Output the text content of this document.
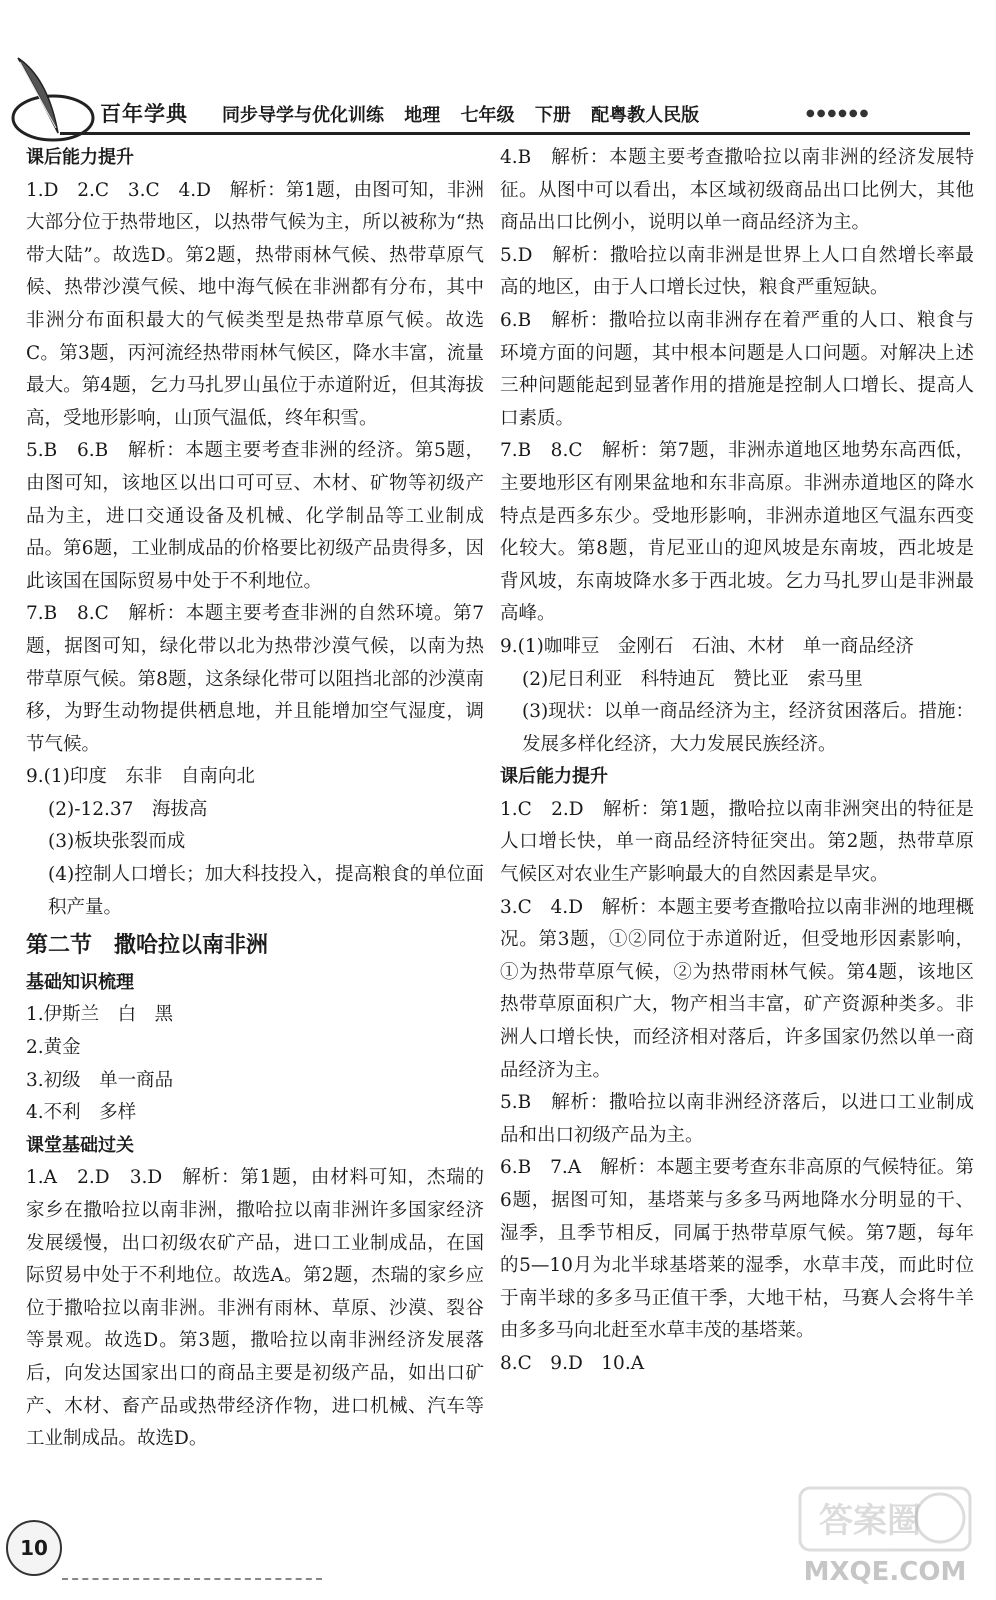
百年学典 同步导学与优化训练 地理 七年级 下册 配粤教人民版	●●●●●●
课后能力提升
1.D　2.C　3.C　4.D　解析：第1题，由图可知，非洲大部分位于热带地区，以热带气候为主，所以被称为“热带大陆”。故选D。第2题，热带雨林气候、热带草原气候、热带沙漠气候、地中海气候在非洲都有分布，其中非洲分布面积最大的气候类型是热带草原气候。故选C。第3题，丙河流经热带雨林气候区，降水丰富，流量最大。第4题，乞力马扎罗山虽位于赤道附近，但其海拔高，受地形影响，山顶气温低，终年积雪。
5.B　6.B　解析：本题主要考查非洲的经济。第5题，由图可知，该地区以出口可可豆、木材、矿物等初级产品为主，进口交通设备及机械、化学制品等工业制成品。第6题，工业制成品的价格要比初级产品贵得多，因此该国在国际贸易中处于不利地位。
7.B　8.C　解析：本题主要考查非洲的自然环境。第7题，据图可知，绿化带以北为热带沙漠气候，以南为热带草原气候。第8题，这条绿化带可以阻挡北部的沙漠南移，为野生动物提供栖息地，并且能增加空气湿度，调节气候。
9.(1)印度　东非　自南向北
(2)-12.37　海拔高
(3)板块张裂而成
(4)控制人口增长；加大科技投入，提高粮食的单位面积产量。
第二节　撒哈拉以南非洲
基础知识梳理
1.伊斯兰　白　黑
2.黄金
3.初级　单一商品
4.不利　多样
课堂基础过关
1.A　2.D　3.D　解析：第1题，由材料可知，杰瑞的家乡在撒哈拉以南非洲，撒哈拉以南非洲许多国家经济发展缓慢，出口初级农矿产品，进口工业制成品，在国际贸易中处于不利地位。故选A。第2题，杰瑞的家乡应位于撒哈拉以南非洲。非洲有雨林、草原、沙漠、裂谷等景观。故选D。第3题，撒哈拉以南非洲经济发展落后，向发达国家出口的商品主要是初级产品，如出口矿产、木材、畜产品或热带经济作物，进口机械、汽车等工业制成品。故选D。
4.B　解析：本题主要考查撒哈拉以南非洲的经济发展特征。从图中可以看出，本区域初级商品出口比例大，其他商品出口比例小，说明以单一商品经济为主。
5.D　解析：撒哈拉以南非洲是世界上人口自然增长率最高的地区，由于人口增长过快，粮食严重短缺。
6.B　解析：撒哈拉以南非洲存在着严重的人口、粮食与环境方面的问题，其中根本问题是人口问题。对解决上述三种问题能起到显著作用的措施是控制人口增长、提高人口素质。
7.B　8.C　解析：第7题，非洲赤道地区地势东高西低，主要地形区有刚果盆地和东非高原。非洲赤道地区的降水特点是西多东少。受地形影响，非洲赤道地区气温东西变化较大。第8题，肯尼亚山的迎风坡是东南坡，西北坡是背风坡，东南坡降水多于西北坡。乞力马扎罗山是非洲最高峰。
9.(1)咖啡豆　金刚石　石油、木材　单一商品经济
(2)尼日利亚　科特迪瓦　赞比亚　索马里
(3)现状：以单一商品经济为主，经济贫困落后。措施：发展多样化经济，大力发展民族经济。
课后能力提升
1.C　2.D　解析：第1题，撒哈拉以南非洲突出的特征是人口增长快，单一商品经济特征突出。第2题，热带草原气候区对农业生产影响最大的自然因素是旱灾。
3.C　4.D　解析：本题主要考查撒哈拉以南非洲的地理概况。第3题，①②同位于赤道附近，但受地形因素影响，①为热带草原气候，②为热带雨林气候。第4题，该地区热带草原面积广大，物产相当丰富，矿产资源种类多。非洲人口增长快，而经济相对落后，许多国家仍然以单一商品经济为主。
5.B　解析：撒哈拉以南非洲经济落后，以进口工业制成品和出口初级产品为主。
6.B　7.A　解析：本题主要考查东非高原的气候特征。第6题，据图可知，基塔莱与多多马两地降水分明显的干、湿季，且季节相反，同属于热带草原气候。第7题，每年的5—10月为北半球基塔莱的湿季，水草丰茂，而此时位于南半球的多多马正值干季，大地干枯，马赛人会将牛羊由多多马向北赶至水草丰茂的基塔莱。
8.C　9.D　10.A
10
MXQE.COM
答案圈
